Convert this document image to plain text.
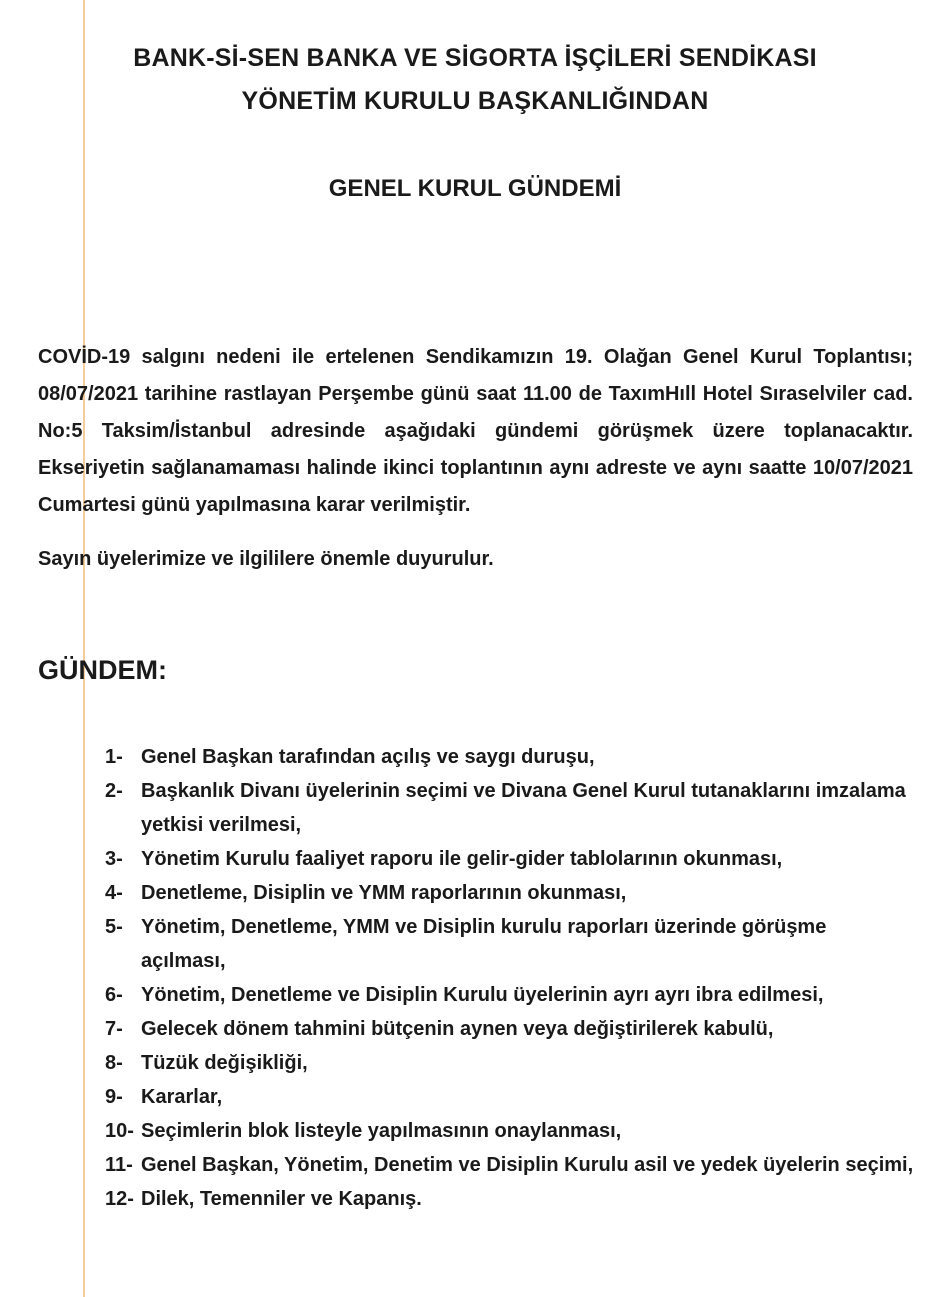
BANK-Sİ-SEN BANKA VE SİGORTA İŞÇİLERİ SENDİKASI
YÖNETİM KURULU BAŞKANLIĞINDAN
GENEL KURUL GÜNDEMİ
COVİD-19 salgını nedeni ile ertelenen Sendikamızın 19. Olağan Genel Kurul Toplantısı; 08/07/2021 tarihine rastlayan Perşembe günü saat 11.00 de TaxımHıll Hotel Sıraselviler cad. No:5 Taksim/İstanbul adresinde aşağıdaki gündemi görüşmek üzere toplanacaktır. Ekseriyetin sağlanamaması halinde ikinci toplantının aynı adreste ve aynı saatte 10/07/2021 Cumartesi günü yapılmasına karar verilmiştir.
Sayın üyelerimize ve ilgililere önemle duyurulur.
GÜNDEM:
1- Genel Başkan tarafından açılış ve saygı duruşu,
2- Başkanlık Divanı üyelerinin seçimi ve Divana Genel Kurul tutanaklarını imzalama yetkisi verilmesi,
3- Yönetim Kurulu faaliyet raporu ile gelir-gider tablolarının okunması,
4- Denetleme, Disiplin ve YMM raporlarının okunması,
5- Yönetim, Denetleme, YMM ve Disiplin kurulu raporları üzerinde görüşme açılması,
6- Yönetim, Denetleme ve Disiplin Kurulu üyelerinin ayrı ayrı ibra edilmesi,
7- Gelecek dönem tahmini bütçenin aynen veya değiştirilerek kabulü,
8- Tüzük değişikliği,
9- Kararlar,
10- Seçimlerin blok listeyle yapılmasının onaylanması,
11- Genel Başkan, Yönetim, Denetim ve Disiplin Kurulu asil ve yedek üyelerin seçimi,
12- Dilek, Temenniler ve Kapanış.
